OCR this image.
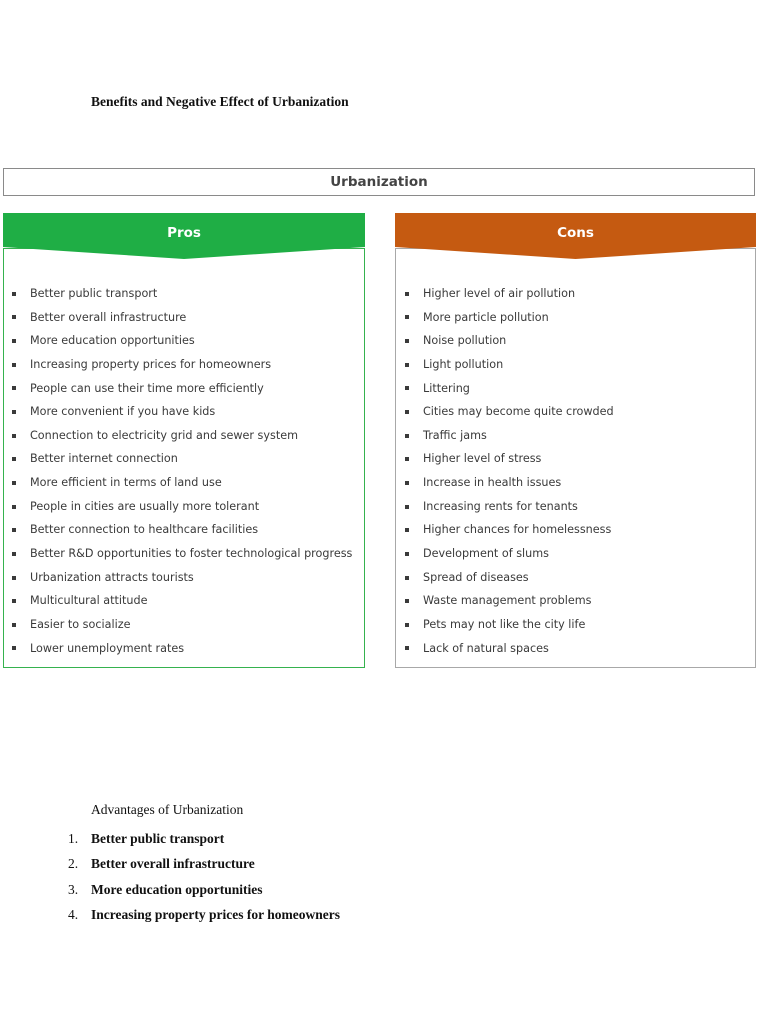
Benefits and Negative Effect of Urbanization
Urbanization
Pros	Cons
Better public transport
Better overall infrastructure
More education opportunities
Increasing property prices for homeowners
People can use their time more efficiently
More convenient if you have kids
Connection to electricity grid and sewer system
Better internet connection
More efficient in terms of land use
People in cities are usually more tolerant
Better connection to healthcare facilities
Better R&D opportunities to foster technological progress
Urbanization attracts tourists
Multicultural attitude
Easier to socialize
Lower unemployment rates
Higher level of air pollution
More particle pollution
Noise pollution
Light pollution
Littering
Cities may become quite crowded
Traffic jams
Higher level of stress
Increase in health issues
Increasing rents for tenants
Higher chances for homelessness
Development of slums
Spread of diseases
Waste management problems
Pets may not like the city life
Lack of natural spaces
Advantages of Urbanization
1. Better public transport
2. Better overall infrastructure
3. More education opportunities
4. Increasing property prices for homeowners
